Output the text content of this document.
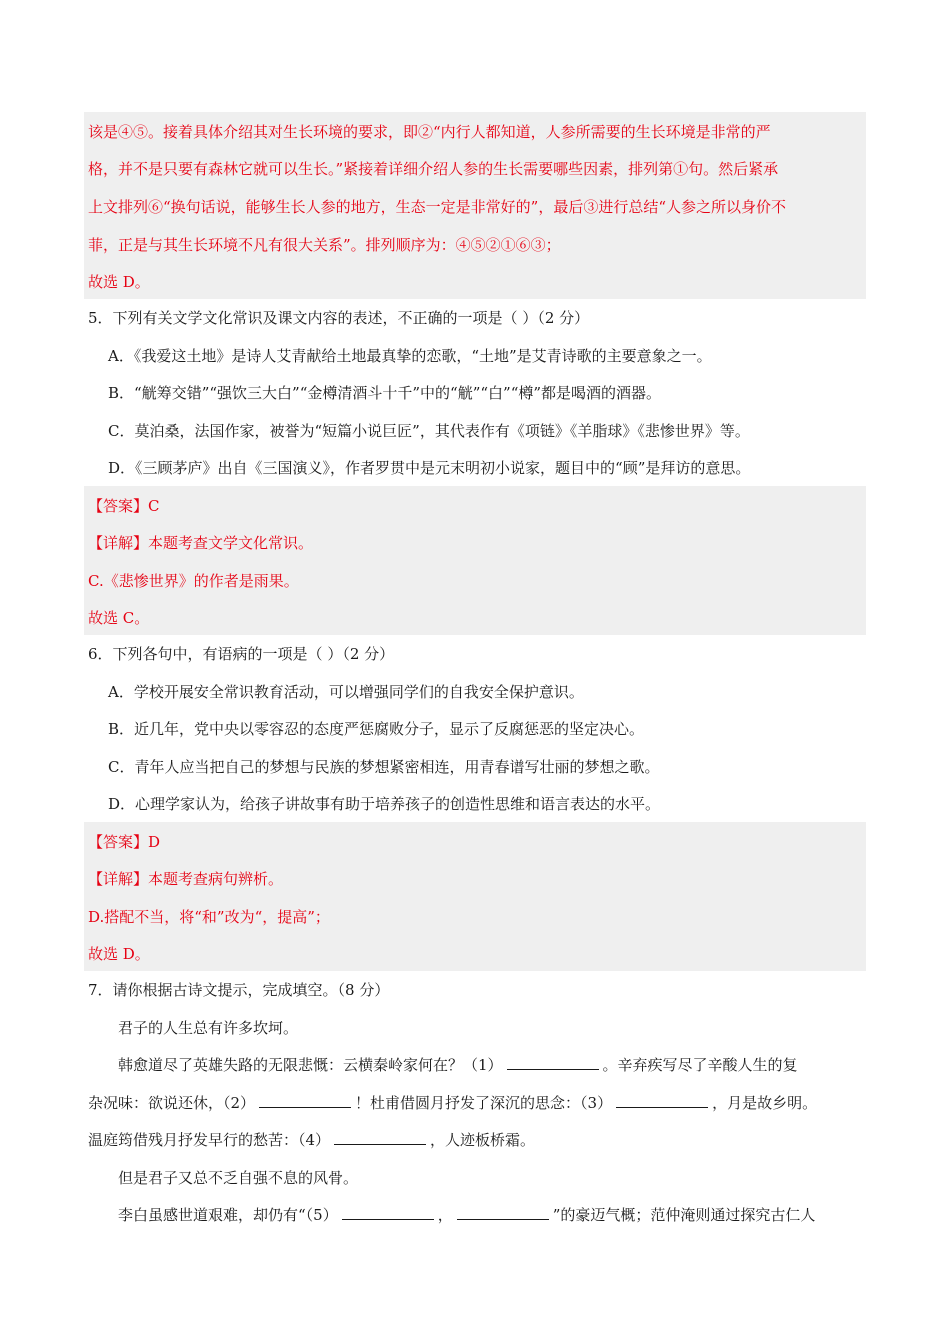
该是④⑤。接着具体介绍其对生长环境的要求，即②“内行人都知道，人参所需要的生长环境是非常的严
格，并不是只要有森林它就可以生长。”紧接着详细介绍人参的生长需要哪些因素，排列第①句。然后紧承
上文排列⑥“换句话说，能够生长人参的地方，生态一定是非常好的”，最后③进行总结“人参之所以身价不
菲，正是与其生长环境不凡有很大关系”。排列顺序为：④⑤②①⑥③；
故选 D。
5．下列有关文学文化常识及课文内容的表述，不正确的一项是（ ）（2 分）
A．《我爱这土地》是诗人艾青献给土地最真挚的恋歌，“土地”是艾青诗歌的主要意象之一。
B．“觥筹交错”“强饮三大白”“金樽清酒斗十千”中的“觥”“白”“樽”都是喝酒的酒器。
C．莫泊桑，法国作家，被誉为“短篇小说巨匠”，其代表作有《项链》《羊脂球》《悲惨世界》等。
D．《三顾茅庐》出自《三国演义》，作者罗贯中是元末明初小说家，题目中的“顾”是拜访的意思。
【答案】C
【详解】本题考查文学文化常识。
C.《悲惨世界》的作者是雨果。
故选 C。
6．下列各句中，有语病的一项是（ ）（2 分）
A．学校开展安全常识教育活动，可以增强同学们的自我安全保护意识。
B．近几年，党中央以零容忍的态度严惩腐败分子，显示了反腐惩恶的坚定决心。
C．青年人应当把自己的梦想与民族的梦想紧密相连，用青春谱写壮丽的梦想之歌。
D．心理学家认为，给孩子讲故事有助于培养孩子的创造性思维和语言表达的水平。
【答案】D
【详解】本题考查病句辨析。
D.搭配不当，将“和”改为“，提高”；
故选 D。
7．请你根据古诗文提示，完成填空。（8 分）
君子的人生总有许多坎坷。
韩愈道尽了英雄失路的无限悲慨：云横秦岭家何在？（1）	。辛弃疾写尽了辛酸人生的复
杂况味：欲说还休，（2）	！杜甫借圆月抒发了深沉的思念：（3）	，月是故乡明。
温庭筠借残月抒发早行的愁苦：（4）	，人迹板桥霜。
但是君子又总不乏自强不息的风骨。
李白虽感世道艰难，却仍有“（5）	，	”的豪迈气概；范仲淹则通过探究古仁人
